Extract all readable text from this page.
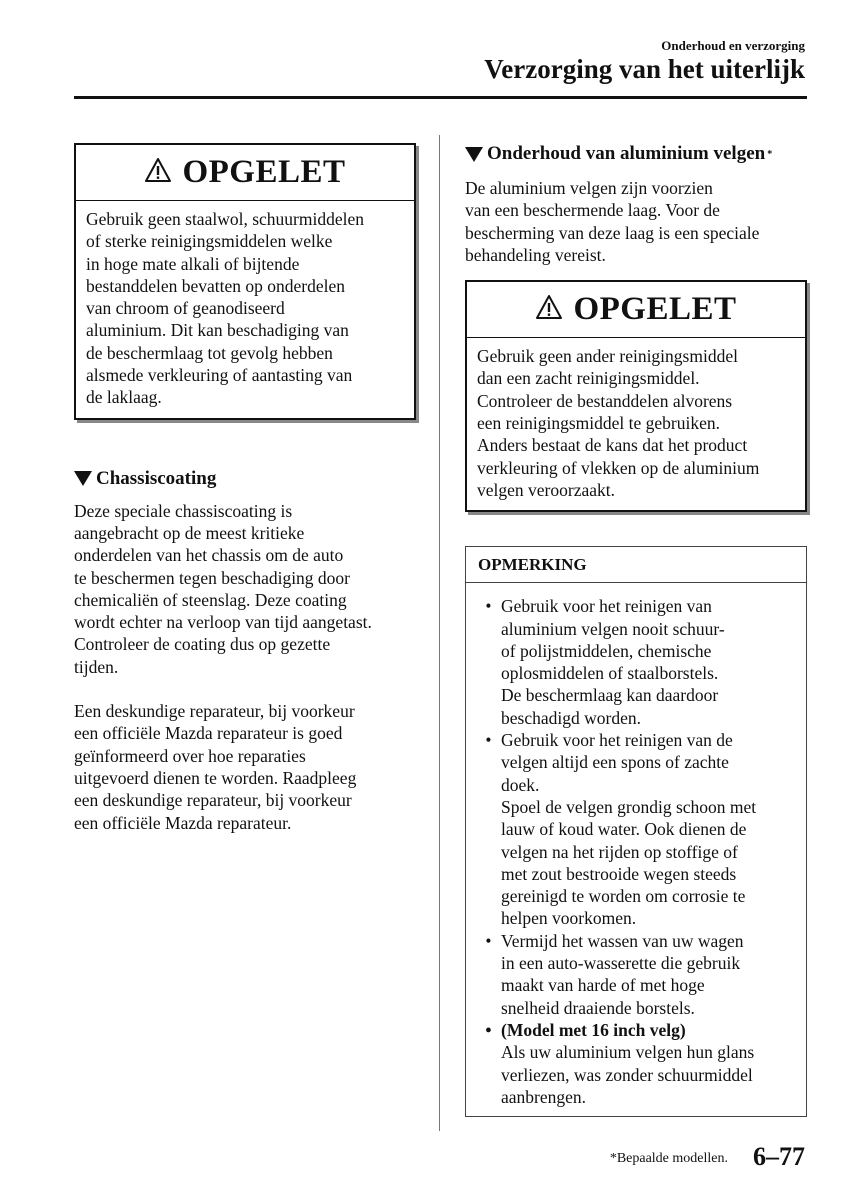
Onderhoud en verzorging
Verzorging van het uiterlijk
OPGELET
Gebruik geen staalwol, schuurmiddelen
of sterke reinigingsmiddelen welke
in hoge mate alkali of bijtende
bestanddelen bevatten op onderdelen
van chroom of geanodiseerd
aluminium. Dit kan beschadiging van
de beschermlaag tot gevolg hebben
alsmede verkleuring of aantasting van
de laklaag.
Chassiscoating
Deze speciale chassiscoating is
aangebracht op de meest kritieke
onderdelen van het chassis om de auto
te beschermen tegen beschadiging door
chemicaliën of steenslag. Deze coating
wordt echter na verloop van tijd aangetast.
Controleer de coating dus op gezette
tijden.
Een deskundige reparateur, bij voorkeur
een officiële Mazda reparateur is goed
geïnformeerd over hoe reparaties
uitgevoerd dienen te worden. Raadpleeg
een deskundige reparateur, bij voorkeur
een officiële Mazda reparateur.
Onderhoud van aluminium velgen *
De aluminium velgen zijn voorzien
van een beschermende laag. Voor de
bescherming van deze laag is een speciale
behandeling vereist.
OPGELET
Gebruik geen ander reinigingsmiddel
dan een zacht reinigingsmiddel.
Controleer de bestanddelen alvorens
een reinigingsmiddel te gebruiken.
Anders bestaat de kans dat het product
verkleuring of vlekken op de aluminium
velgen veroorzaakt.
OPMERKING
• Gebruik voor het reinigen van
aluminium velgen nooit schuur-
of polijstmiddelen, chemische
oplosmiddelen of staalborstels.
De beschermlaag kan daardoor
beschadigd worden.
• Gebruik voor het reinigen van de
velgen altijd een spons of zachte
doek.
Spoel de velgen grondig schoon met
lauw of koud water. Ook dienen de
velgen na het rijden op stoffige of
met zout bestrooide wegen steeds
gereinigd te worden om corrosie te
helpen voorkomen.
• Vermijd het wassen van uw wagen
in een auto-wasserette die gebruik
maakt van harde of met hoge
snelheid draaiende borstels.
• (Model met 16 inch velg)
Als uw aluminium velgen hun glans
verliezen, was zonder schuurmiddel
aanbrengen.
*Bepaalde modellen. 6–77
